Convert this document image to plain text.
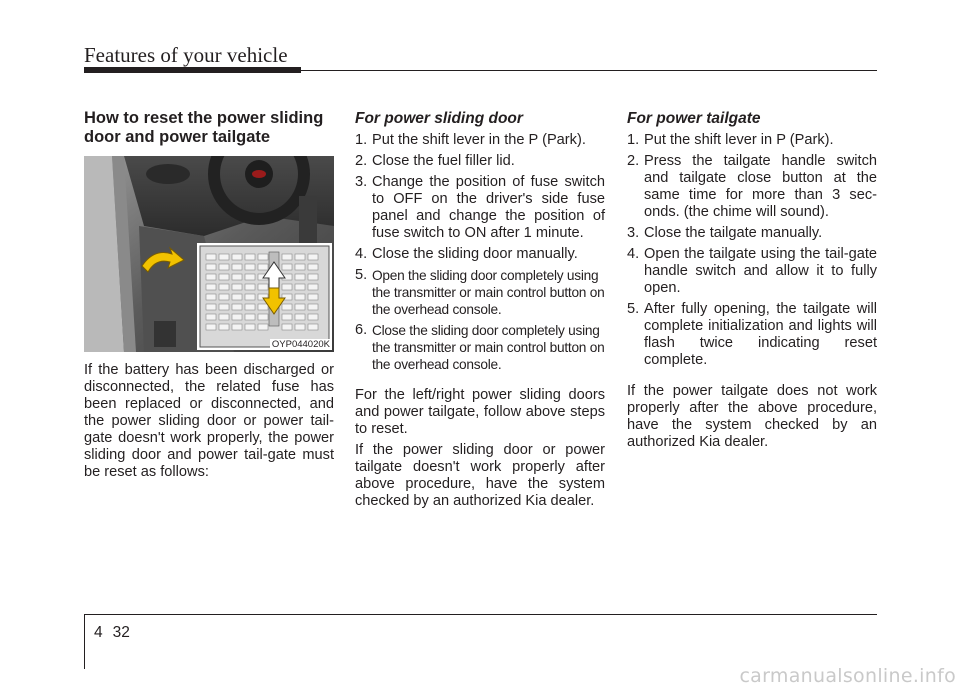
Features of your vehicle
How to reset the power sliding
door and power tailgate
OYP044020K

If the battery has been discharged or disconnected, the related fuse has been replaced or disconnected, and the power sliding door or power tail-gate doesn't work properly, the power sliding door and power tail-gate must be reset as follows:

For power sliding door
1. Put the shift lever in the P (Park).
2. Close the fuel filler lid.
3. Change the position of fuse switch to OFF on the driver's side fuse panel and change the position of fuse switch to ON after 1 minute.
4. Close the sliding door manually.
5. Open the sliding door completely using the transmitter or main control button on the overhead console.
6. Close the sliding door completely using the transmitter or main control button on the overhead console.

For the left/right power sliding doors and power tailgate, follow above steps to reset.

If the power sliding door or power tailgate doesn't work properly after above procedure, have the system checked by an authorized Kia dealer.

For power tailgate
1. Put the shift lever in P (Park).
2. Press the tailgate handle switch and tailgate close button at the same time for more than 3 sec-onds. (the chime will sound).
3. Close the tailgate manually.
4. Open the tailgate using the tail-gate handle switch and allow it to fully open.
5. After fully opening, the tailgate will complete initialization and lights will flash twice indicating reset complete.

If the power tailgate does not work properly after the above procedure, have the system checked by an authorized Kia dealer.

4 32
carmanualsonline.info
